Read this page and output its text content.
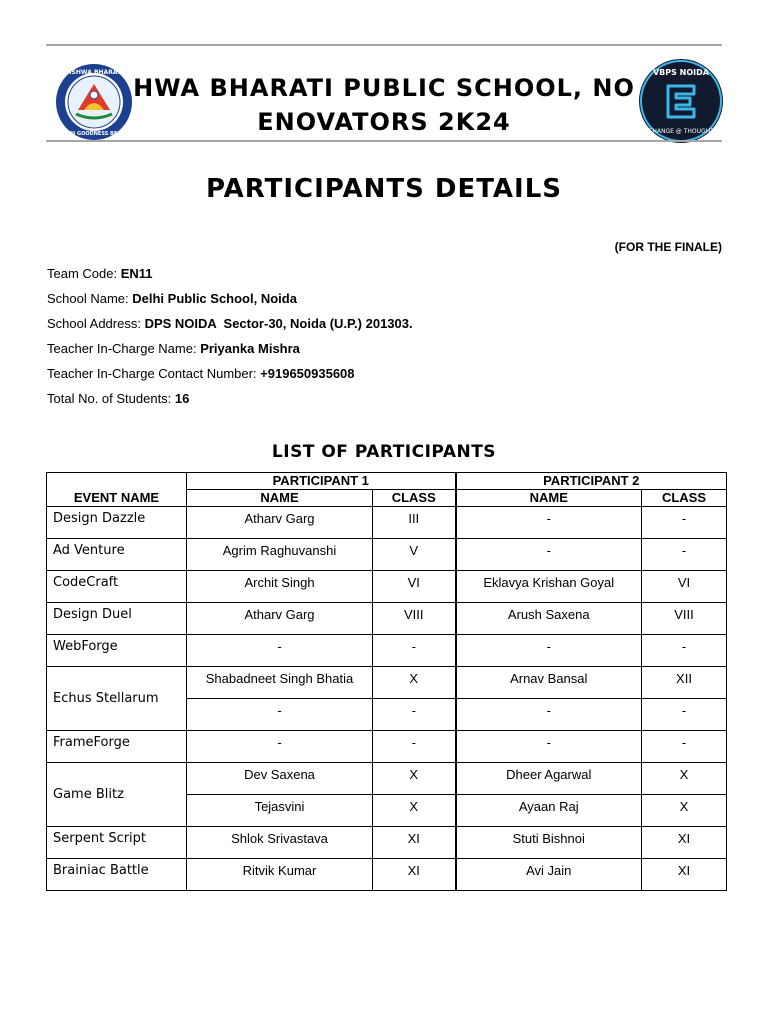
VISHWA BHARATI
YOUTH GOODNESS BEAUTY
HWA BHARATI PUBLIC SCHOOL, NO
ENOVATORS 2K24
VBPS NOIDA
CHANGE @ THOUGHT
PARTICIPANTS DETAILS
(FOR THE FINALE)
Team Code: EN11
School Name: Delhi Public School, Noida
School Address: DPS NOIDA  Sector-30, Noida (U.P.) 201303.
Teacher In-Charge Name: Priyanka Mishra
Teacher In-Charge Contact Number: +919650935608
Total No. of Students: 16
LIST OF PARTICIPANTS
EVENT NAME	PARTICIPANT 1		PARTICIPANT 2	
	NAME	CLASS	NAME	CLASS
Design Dazzle	Atharv Garg	III	-	-
Ad Venture	Agrim Raghuvanshi	V	-	-
CodeCraft	Archit Singh	VI	Eklavya Krishan Goyal	VI
Design Duel	Atharv Garg	VIII	Arush Saxena	VIII
WebForge	-	-	-	-
Echus Stellarum	Shabadneet Singh Bhatia	X	Arnav Bansal	XII
	-	-	-	-
FrameForge	-	-	-	-
Game Blitz	Dev Saxena	X	Dheer Agarwal	X
	Tejasvini	X	Ayaan Raj	X
Serpent Script	Shlok Srivastava	XI	Stuti Bishnoi	XI
Brainiac Battle	Ritvik Kumar	XI	Avi Jain	XI
